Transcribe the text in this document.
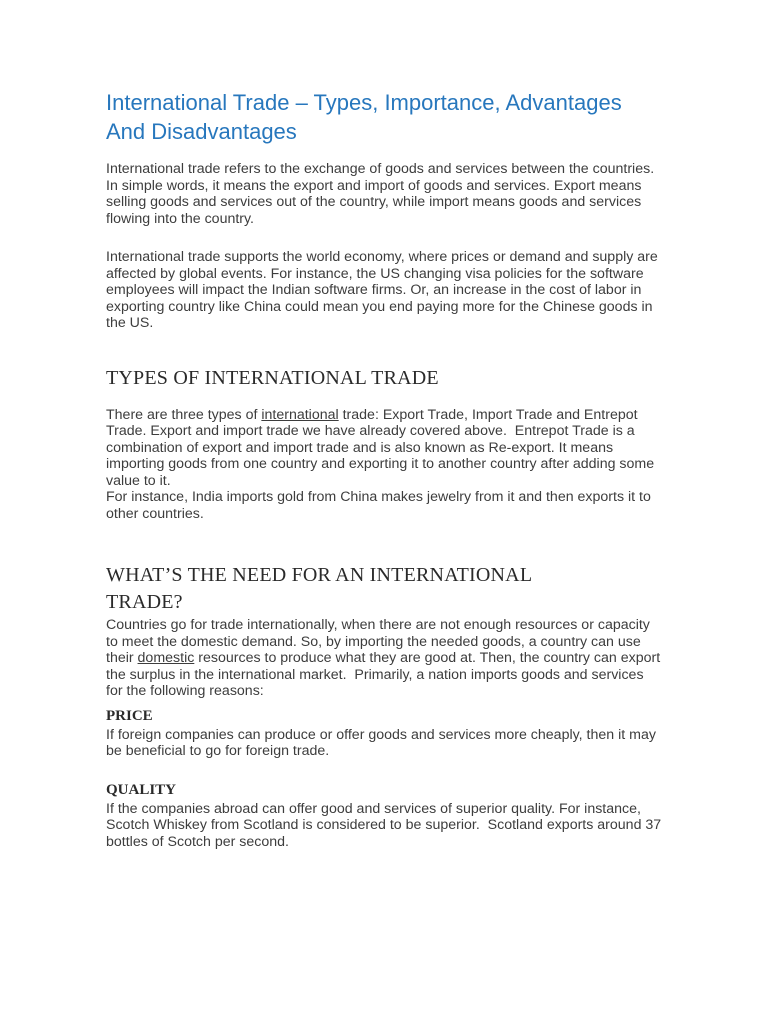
International Trade – Types, Importance, Advantages And Disadvantages

International trade refers to the exchange of goods and services between the countries. In simple words, it means the export and import of goods and services. Export means selling goods and services out of the country, while import means goods and services flowing into the country.

International trade supports the world economy, where prices or demand and supply are affected by global events. For instance, the US changing visa policies for the software employees will impact the Indian software firms. Or, an increase in the cost of labor in exporting country like China could mean you end paying more for the Chinese goods in the US.

TYPES OF INTERNATIONAL TRADE

There are three types of international trade: Export Trade, Import Trade and Entrepot Trade. Export and import trade we have already covered above.  Entrepot Trade is a combination of export and import trade and is also known as Re-export. It means importing goods from one country and exporting it to another country after adding some value to it.
For instance, India imports gold from China makes jewelry from it and then exports it to other countries.

WHAT’S THE NEED FOR AN INTERNATIONAL
TRADE?

Countries go for trade internationally, when there are not enough resources or capacity to meet the domestic demand. So, by importing the needed goods, a country can use their domestic resources to produce what they are good at. Then, the country can export the surplus in the international market.  Primarily, a nation imports goods and services for the following reasons:

PRICE

If foreign companies can produce or offer goods and services more cheaply, then it may be beneficial to go for foreign trade.

QUALITY

If the companies abroad can offer good and services of superior quality. For instance, Scotch Whiskey from Scotland is considered to be superior.  Scotland exports around 37 bottles of Scotch per second.
